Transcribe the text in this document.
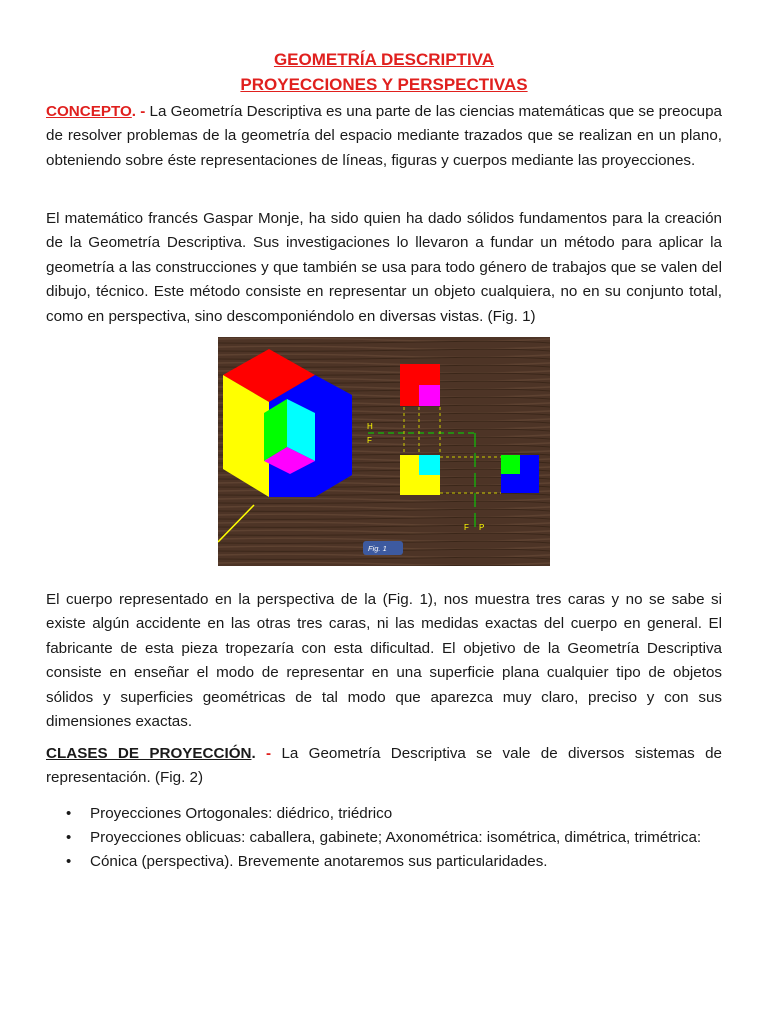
GEOMETRÍA DESCRIPTIVA
PROYECCIONES Y PERSPECTIVAS
CONCEPTO. - La Geometría Descriptiva es una parte de las ciencias matemáticas que se preocupa de resolver problemas de la geometría del espacio mediante trazados que se realizan en un plano, obteniendo sobre éste representaciones de líneas, figuras y cuerpos mediante las proyecciones.
El matemático francés Gaspar Monje, ha sido quien ha dado sólidos fundamentos para la creación de la Geometría Descriptiva. Sus investigaciones lo llevaron a fundar un método para aplicar la geometría a las construcciones y que también se usa para todo género de trabajos que se valen del dibujo, técnico. Este método consiste en representar un objeto cualquiera, no en su conjunto total, como en perspectiva, sino descomponiéndolo en diversas vistas. (Fig. 1)
H
F
F P
Fig. 1
El cuerpo representado en la perspectiva de la (Fig. 1), nos muestra tres caras y no se sabe si existe algún accidente en las otras tres caras, ni las medidas exactas del cuerpo en general. El fabricante de esta pieza tropezaría con esta dificultad. El objetivo de la Geometría Descriptiva consiste en enseñar el modo de representar en una superficie plana cualquier tipo de objetos sólidos y superficies geométricas de tal modo que aparezca muy claro, preciso y con sus dimensiones exactas.
CLASES DE PROYECCIÓN. - La Geometría Descriptiva se vale de diversos sistemas de representación. (Fig. 2)
• Proyecciones Ortogonales: diédrico, triédrico
• Proyecciones oblicuas: caballera, gabinete; Axonométrica: isométrica, dimétrica, trimétrica:
• Cónica (perspectiva). Brevemente anotaremos sus particularidades.
